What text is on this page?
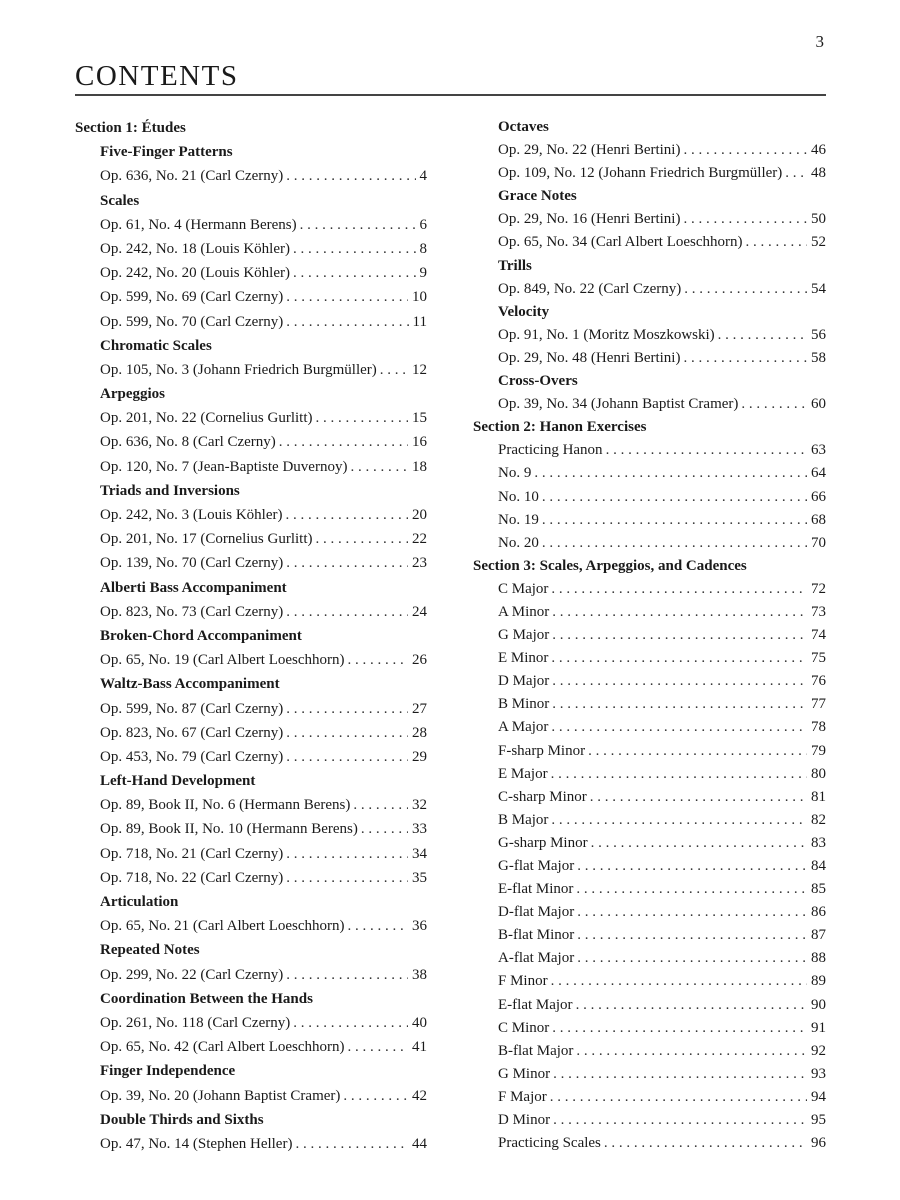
3
CONTENTS
Section 1: Études
Five-Finger Patterns
Op. 636, No. 21 (Carl Czerny) . . .	4
Scales
Op. 61, No. 4 (Hermann Berens) . . .	6
Op. 242, No. 18 (Louis Köhler) . . .	8
Op. 242, No. 20 (Louis Köhler) . . .	9
Op. 599, No. 69 (Carl Czerny) . . .	10
Op. 599, No. 70 (Carl Czerny) . . .	11
Chromatic Scales
Op. 105, No. 3 (Johann Friedrich Burgmüller) . . . 12
Arpeggios
Op. 201, No. 22 (Cornelius Gurlitt) . . .	15
Op. 636, No. 8 (Carl Czerny) . . .	16
Op. 120, No. 7 (Jean-Baptiste Duvernoy) . . .	18
Triads and Inversions
Op. 242, No. 3 (Louis Köhler) . . .	20
Op. 201, No. 17 (Cornelius Gurlitt) . . .	22
Op. 139, No. 70 (Carl Czerny) . . .	23
Alberti Bass Accompaniment
Op. 823, No. 73 (Carl Czerny) . . .	24
Broken-Chord Accompaniment
Op. 65, No. 19 (Carl Albert Loeschhorn) . . .	26
Waltz-Bass Accompaniment
Op. 599, No. 87 (Carl Czerny) . . .	27
Op. 823, No. 67 (Carl Czerny) . . .	28
Op. 453, No. 79 (Carl Czerny) . . .	29
Left-Hand Development
Op. 89, Book II, No. 6 (Hermann Berens) . . .	32
Op. 89, Book II, No. 10 (Hermann Berens) . . .	33
Op. 718, No. 21 (Carl Czerny) . . .	34
Op. 718, No. 22 (Carl Czerny) . . .	35
Articulation
Op. 65, No. 21 (Carl Albert Loeschhorn) . . .	36
Repeated Notes
Op. 299, No. 22 (Carl Czerny) . . .	38
Coordination Between the Hands
Op. 261, No. 118 (Carl Czerny) . . .	40
Op. 65, No. 42 (Carl Albert Loeschhorn) . . .	41
Finger Independence
Op. 39, No. 20 (Johann Baptist Cramer) . . .	42
Double Thirds and Sixths
Op. 47, No. 14 (Stephen Heller) . . .	44
Octaves
Op. 29, No. 22 (Henri Bertini) . . .	46
Op. 109, No. 12 (Johann Friedrich Burgmüller) . . . 48
Grace Notes
Op. 29, No. 16 (Henri Bertini) . . .	50
Op. 65, No. 34 (Carl Albert Loeschhorn) . . .	52
Trills
Op. 849, No. 22 (Carl Czerny) . . .	54
Velocity
Op. 91, No. 1 (Moritz Moszkowski) . . .	56
Op. 29, No. 48 (Henri Bertini) . . .	58
Cross-Overs
Op. 39, No. 34 (Johann Baptist Cramer) . . .	60
Section 2: Hanon Exercises
Practicing Hanon . . .	63
No. 9 . . .	64
No. 10 . . .	66
No. 19 . . .	68
No. 20 . . .	70
Section 3: Scales, Arpeggios, and Cadences
C Major . . .	72
A Minor . . .	73
G Major . . .	74
E Minor . . .	75
D Major . . .	76
B Minor . . .	77
A Major . . .	78
F-sharp Minor . . .	79
E Major . . .	80
C-sharp Minor . . .	81
B Major . . .	82
G-sharp Minor . . .	83
G-flat Major . . .	84
E-flat Minor . . .	85
D-flat Major . . .	86
B-flat Minor . . .	87
A-flat Major . . .	88
F Minor . . .	89
E-flat Major . . .	90
C Minor . . .	91
B-flat Major . . .	92
G Minor . . .	93
F Major . . .	94
D Minor . . .	95
Practicing Scales . . .	96
